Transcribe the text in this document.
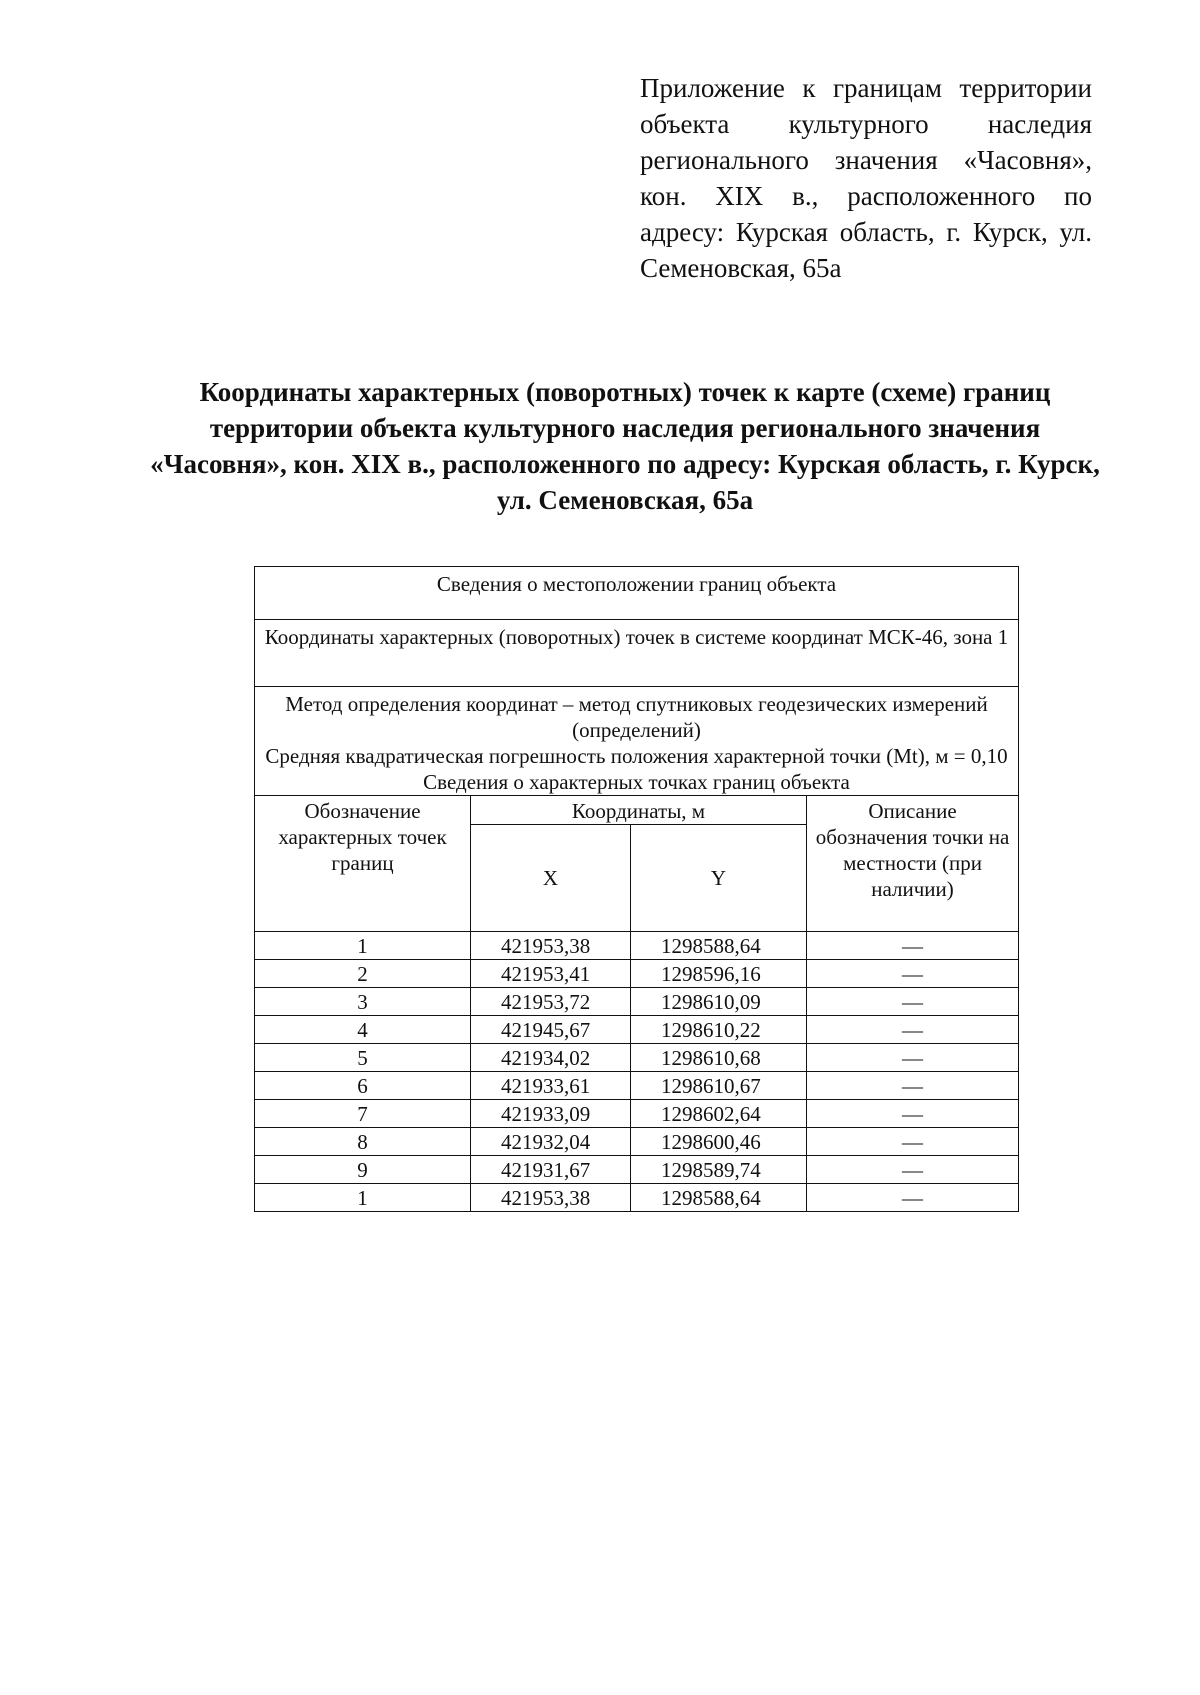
Приложение к границам территории объекта культурного наследия регионального значения «Часовня», кон. XIX в., расположенного по адресу: Курская область, г. Курск, ул. Семеновская, 65а
Координаты характерных (поворотных) точек к карте (схеме) границ территории объекта культурного наследия регионального значения «Часовня», кон. XIX в., расположенного по адресу: Курская область, г. Курск, ул. Семеновская, 65а
Сведения о местоположении границ объекта			
Координаты характерных (поворотных) точек в системе координат МСК-46, зона 1			

Метод определения координат – метод спутниковых геодезических измерений (определений)
Средняя квадратическая погрешность положения характерной точки (Mt), м = 0,10
Сведения о характерных точках границ объекта			

Обозначение характерных точек границ	Координаты, м		Описание обозначения точки на местности (при наличии)
	X	Y	
1	421953,38	1298588,64	—
2	421953,41	1298596,16	—
3	421953,72	1298610,09	—
4	421945,67	1298610,22	—
5	421934,02	1298610,68	—
6	421933,61	1298610,67	—
7	421933,09	1298602,64	—
8	421932,04	1298600,46	—
9	421931,67	1298589,74	—
1	421953,38	1298588,64	—
